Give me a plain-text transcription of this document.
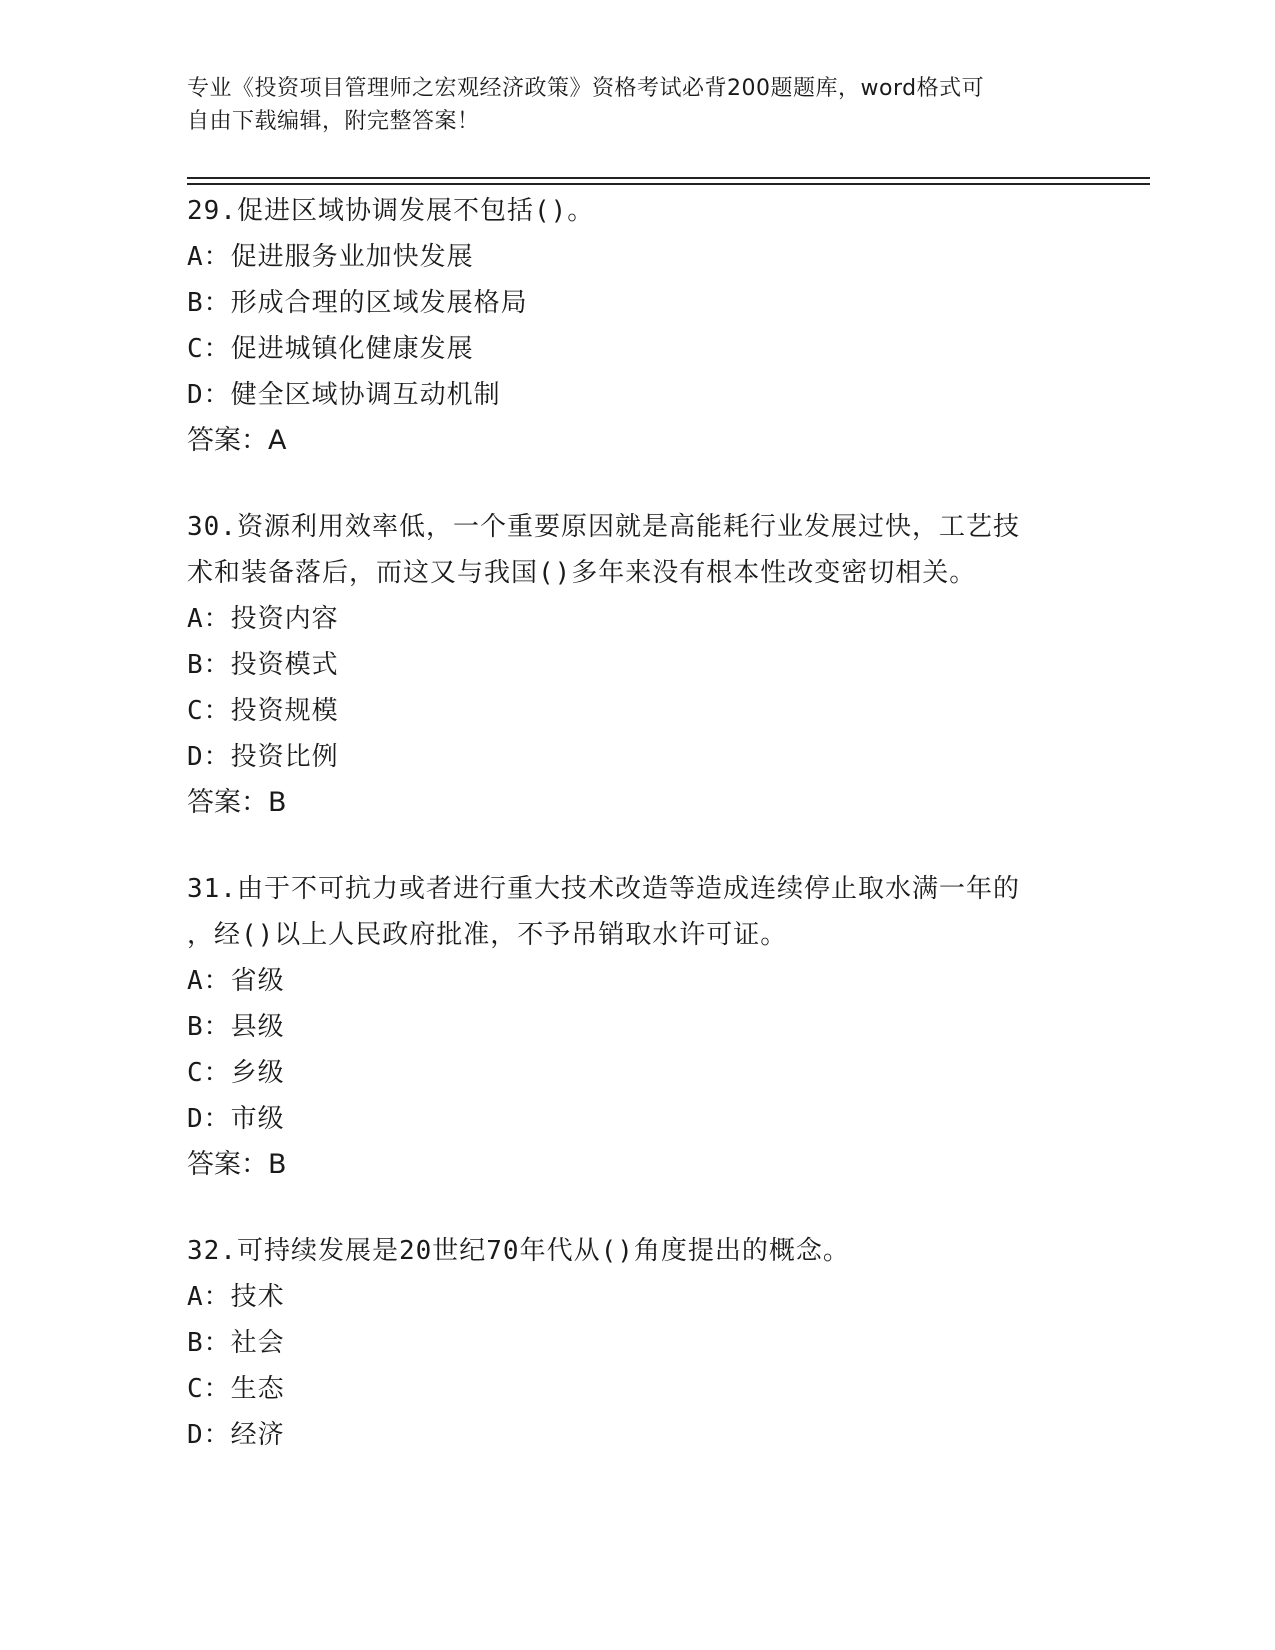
专业《投资项目管理师之宏观经济政策》资格考试必背200题题库，word格式可
自由下载编辑，附完整答案！

29.促进区域协调发展不包括()。

A：促进服务业加快发展

B：形成合理的区域发展格局

C：促进城镇化健康发展

D：健全区域协调互动机制

答案：A

30.资源利用效率低，一个重要原因就是高能耗行业发展过快，工艺技

术和装备落后，而这又与我国()多年来没有根本性改变密切相关。

A：投资内容

B：投资模式

C：投资规模

D：投资比例

答案：B

31.由于不可抗力或者进行重大技术改造等造成连续停止取水满一年的

，经()以上人民政府批准，不予吊销取水许可证。

A：省级

B：县级

C：乡级

D：市级

答案：B

32.可持续发展是20世纪70年代从()角度提出的概念。

A：技术

B：社会

C：生态

D：经济
